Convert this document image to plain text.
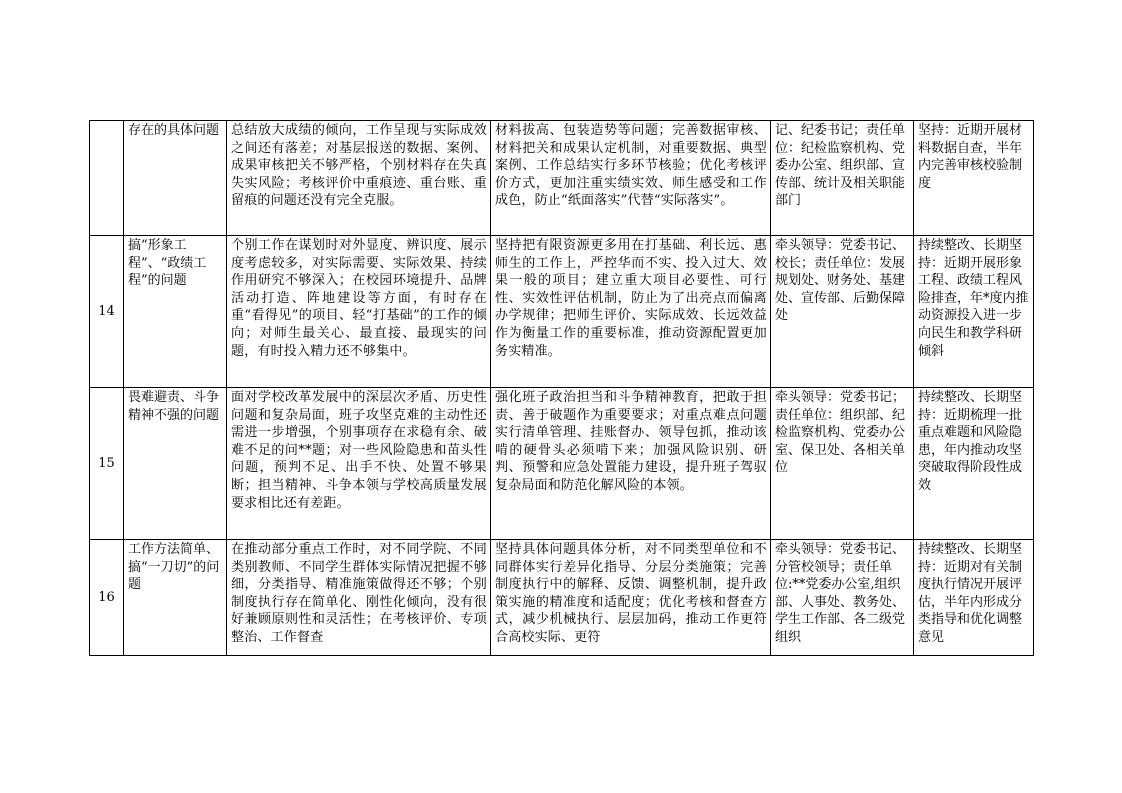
	存在的具体问题	总结放大成绩的倾向，工作呈现与实际成效之间还有落差；对基层报送的数据、案例、成果审核把关不够严格，个别材料存在失真失实风险；考核评价中重痕迹、重台账、重留痕的问题还没有完全克服。	材料拔高、包装造势等问题；完善数据审核、材料把关和成果认定机制，对重要数据、典型案例、工作总结实行多环节核验；优化考核评价方式，更加注重实绩实效、师生感受和工作成色，防止“纸面落实”代替“实际落实”。	记、纪委书记；责任单位：纪检监察机构、党委办公室、组织部、宣传部、统计及相关职能部门	坚持：近期开展材料数据自查，半年内完善审核校验制度
14	搞“形象工程”、“政绩工程”的问题	个别工作在谋划时对外显度、辨识度、展示度考虑较多，对实际需要、实际效果、持续作用研究不够深入；在校园环境提升、品牌活动打造、阵地建设等方面，有时存在重“看得见”的项目、轻“打基础”的工作的倾向；对师生最关心、最直接、最现实的问题，有时投入精力还不够集中。	坚持把有限资源更多用在打基础、利长远、惠师生的工作上，严控华而不实、投入过大、效果一般的项目；建立重大项目必要性、可行性、实效性评估机制，防止为了出亮点而偏离办学规律；把师生评价、实际成效、长远效益作为衡量工作的重要标准，推动资源配置更加务实精准。	牵头领导：党委书记、校长；责任单位：发展规划处、财务处、基建处、宣传部、后勤保障处	持续整改、长期坚持：近期开展形象工程、政绩工程风险排查，年*度内推动资源投入进一步向民生和教学科研倾斜
15	畏难避责、斗争精神不强的问题	面对学校改革发展中的深层次矛盾、历史性问题和复杂局面，班子攻坚克难的主动性还需进一步增强，个别事项存在求稳有余、破难不足的问**题；对一些风险隐患和苗头性问题，预判不足、出手不快、处置不够果断；担当精神、斗争本领与学校高质量发展要求相比还有差距。	强化班子政治担当和斗争精神教育，把敢于担责、善于破题作为重要要求；对重点难点问题实行清单管理、挂账督办、领导包抓，推动该啃的硬骨头必须啃下来；加强风险识别、研判、预警和应急处置能力建设，提升班子驾驭复杂局面和防范化解风险的本领。	牵头领导：党委书记；责任单位：组织部、纪检监察机构、党委办公室、保卫处、各相关单位	持续整改、长期坚持：近期梳理一批重点难题和风险隐患，年内推动攻坚突破取得阶段性成效
16	工作方法简单、搞“一刀切”的问题	在推动部分重点工作时，对不同学院、不同类别教师、不同学生群体实际情况把握不够细，分类指导、精准施策做得还不够；个别制度执行存在简单化、刚性化倾向，没有很好兼顾原则性和灵活性；在考核评价、专项整治、工作督查	坚持具体问题具体分析，对不同类型单位和不同群体实行差异化指导、分层分类施策；完善制度执行中的解释、反馈、调整机制，提升政策实施的精准度和适配度；优化考核和督查方式，减少机械执行、层层加码，推动工作更符合高校实际、更符	牵头领导：党委书记、分管校领导；责任单位:**党委办公室,组织部、人事处、教务处、学生工作部、各二级党组织	持续整改、长期坚持：近期对有关制度执行情况开展评估，半年内形成分类指导和优化调整意见
